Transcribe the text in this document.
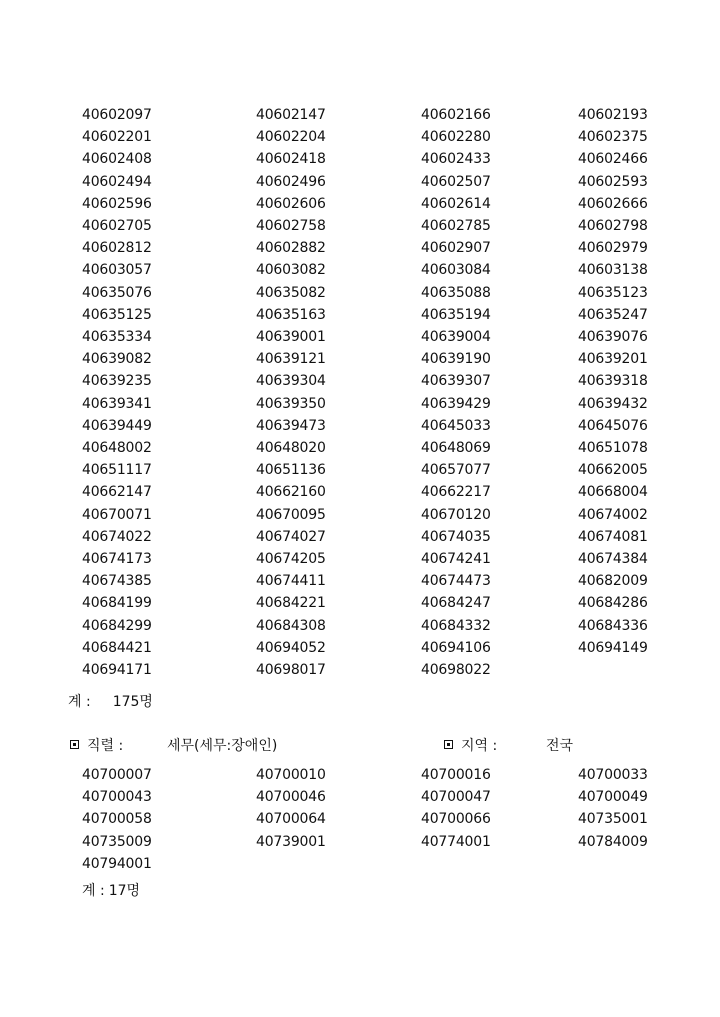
40602097	40602147	40602166	40602193
40602201	40602204	40602280	40602375
40602408	40602418	40602433	40602466
40602494	40602496	40602507	40602593
40602596	40602606	40602614	40602666
40602705	40602758	40602785	40602798
40602812	40602882	40602907	40602979
40603057	40603082	40603084	40603138
40635076	40635082	40635088	40635123
40635125	40635163	40635194	40635247
40635334	40639001	40639004	40639076
40639082	40639121	40639190	40639201
40639235	40639304	40639307	40639318
40639341	40639350	40639429	40639432
40639449	40639473	40645033	40645076
40648002	40648020	40648069	40651078
40651117	40651136	40657077	40662005
40662147	40662160	40662217	40668004
40670071	40670095	40670120	40674002
40674022	40674027	40674035	40674081
40674173	40674205	40674241	40674384
40674385	40674411	40674473	40682009
40684199	40684221	40684247	40684286
40684299	40684308	40684332	40684336
40684421	40694052	40694106	40694149
40694171	40698017	40698022
계 : 175명
직렬 :	세무(세무:장애인)	지역 :	전국
40700007	40700010	40700016	40700033
40700043	40700046	40700047	40700049
40700058	40700064	40700066	40735001
40735009	40739001	40774001	40784009
40794001
계 : 17명
